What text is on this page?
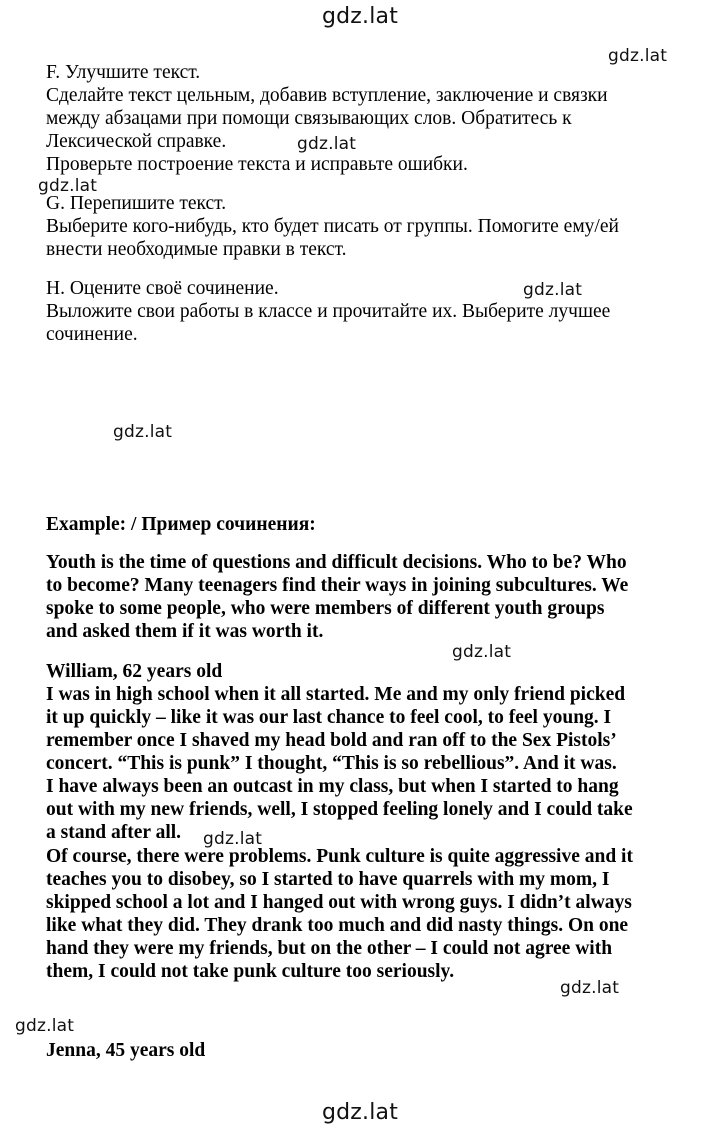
gdz.lat
gdz.lat
gdz.lat
gdz.lat
gdz.lat
gdz.lat
gdz.lat
gdz.lat
gdz.lat
gdz.lat
gdz.lat
F. Улучшите текст.
Сделайте текст цельным, добавив вступление, заключение и связки
между абзацами при помощи связывающих слов. Обратитесь к
Лексической справке.
Проверьте построение текста и исправьте ошибки.
G. Перепишите текст.
Выберите кого-нибудь, кто будет писать от группы. Помогите ему/ей
внести необходимые правки в текст.
H. Оцените своё сочинение.
Выложите свои работы в классе и прочитайте их. Выберите лучшее
сочинение.
Example: / Пример сочинения:
Youth is the time of questions and difficult decisions. Who to be? Who
to become? Many teenagers find their ways in joining subcultures. We
spoke to some people, who were members of different youth groups
and asked them if it was worth it.
William, 62 years old
I was in high school when it all started. Me and my only friend picked
it up quickly – like it was our last chance to feel cool, to feel young. I
remember once I shaved my head bold and ran off to the Sex Pistols’
concert. “This is punk” I thought, “This is so rebellious”. And it was.
I have always been an outcast in my class, but when I started to hang
out with my new friends, well, I stopped feeling lonely and I could take
a stand after all.
Of course, there were problems. Punk culture is quite aggressive and it
teaches you to disobey, so I started to have quarrels with my mom, I
skipped school a lot and I hanged out with wrong guys. I didn’t always
like what they did. They drank too much and did nasty things. On one
hand they were my friends, but on the other – I could not agree with
them, I could not take punk culture too seriously.
Jenna, 45 years old
